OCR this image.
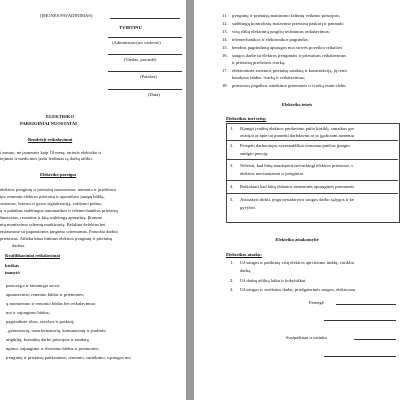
(ĮMONĖS PAVADINIMAS)
TVIRTINU
(Administracijos vadovas)
(Vardas, pavardė)
(Parašas)
(Data)
ELEKTRIKO
PAREIGINIAI NUOSTATAI
Bendrieji reikalavimai
i asmuo, ne jaunesnis kaip 18 metų, turintis elektriko ir
iejimas ir medicinos įrašu leidimas tą darbą atlikti.
Elektriko pareigos
elektros įrenginių ir prietaisų montavimo, remonto ir priežiūros
ipo remonto elektros prietaisų ir aparatūros įrangų būklę,
sistemas, šviesos ir garso signalizaciją, valdymo pultus,
ų ir palaikus sudėtingus automatikos ir telemechanikos prietaisų
šmatorius, reostatus ir kitą sudėtingą aparatūrą. Įkrauna
nių montavimo schemų markiruotą. Pašalina defektus bei
eisiasmose su paprastomis įungimo schemomis. Paruošia darbui
prietaisus. Atlieka kitus būtinus elektros įrenginių ir prietaisų
darbus.
Kvalifikaciniai reikalavimai
ktrikas
inanyti:
pastoviąja ir kintamąja srove;
aptarnavimo, remonto būdus ir priemones;
ų montavimo ir remonto būdus bei reikalavimus;
mo ir sujungimo būdus;
pagrindines ribas, savybes ir paskirtį;
, generatorių, transformatorių, komutacinių ir įvadinės
ungiklių, kontaktų darbo principus ir sandarą
ngimo, sujungimo ir išvavimo būdus ir priemones;
įrenginių ir prietaisų patikrinimo, remonto, surinkimo, sąvaugos mo
11. įrenginių ir prietaisų maitinimo šaltinių veikimo principus;
12. sudėtingų kontrolinių matavimo prietaisų paskirtį ir panaudo
13. visų rūšių elektrinių jungčių techninius reikalavimus;
14. telemechanikos ir elektronikos pagrindus;
15. bendrus pagrindinių apsaugos nuo srovės poveikio reikalavi
16. saugos darbe su elektros įrenginiais ir prietaisais reikalavimus
ir prietaisų priešrūros tvarką;
17. elektroninės sistemos prietaisų sandarą ir konstrukciją, jų remi
bandymo būdus, tvarką ir reikalavimus;
18. pirmosios pagalbos suteikimo priemones ir tvarką esant elektr
Elektriko teisės
Elektrikas turi teisę:
1. Išjungti įvadinį elektros perdavimo pulto kirtiklį, sunaikus gre
avarijai ar apie tai pranešti darbdaviui ar jo įgaliotam asmeniu
2. Perspėti darbuotojus saveranklškai remontuojančius įjungtu
smūgio pavojų.
3. Neleisti, kad būtų naudojami netvarkingi elektros prietaisai, s
elektros mechanizmai ir įrenginiai.
4. Reikalauti kad būtų išduotos asmeninės apsauginės priemonės
5. Atsisakyti dirbti, jeigu nesudarytos saugos darbo sąlygos ir ke
gyvybei.
Elektriko atsakomybė
Elektrikas atsako:
1. Už saugos ir patikimą visų elektros aptvietimo tinklų, varikliu
darbą.
2. Už darbų atliktą laiku ir kokybiškai.
3. Už saugos ir sveikatos darbe, priešgaisrinės saugos, elektrosau
Parengė
Susipažinau ir sutinku
